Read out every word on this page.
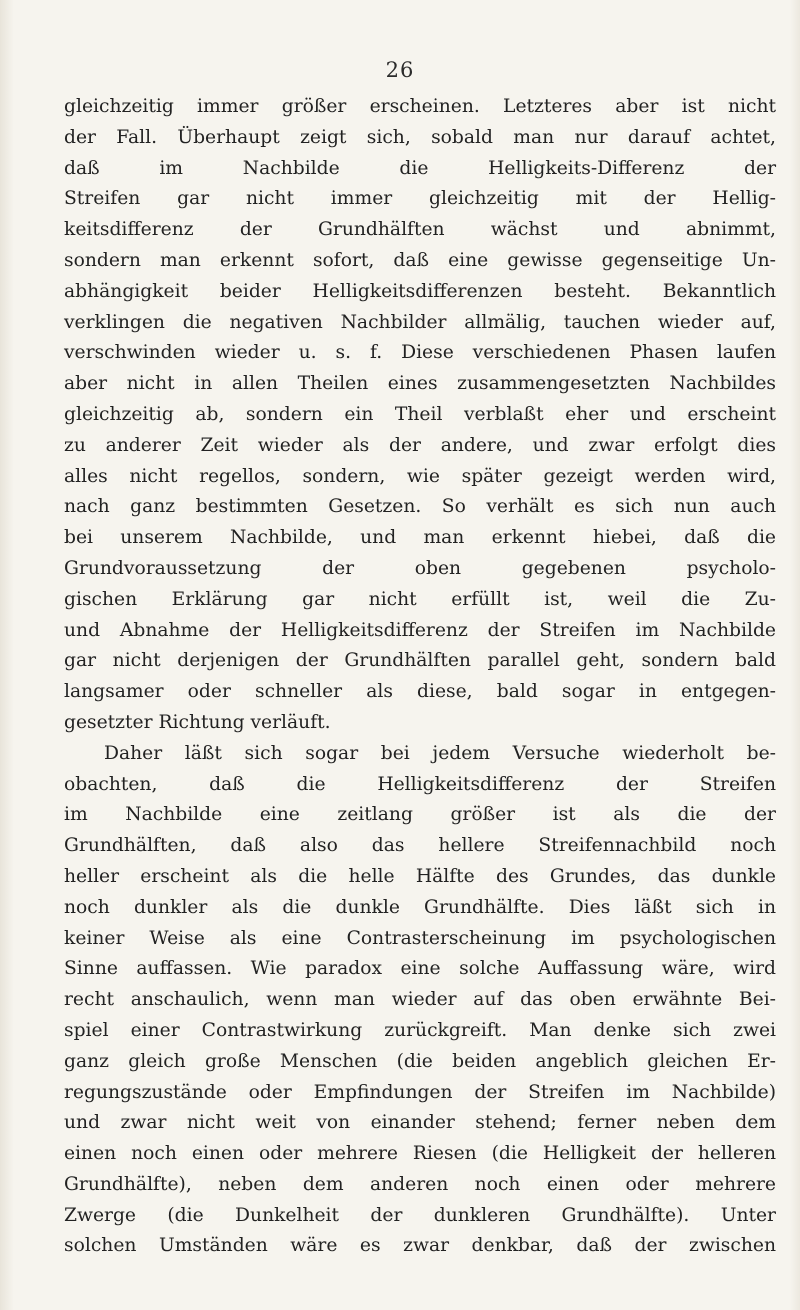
26
gleichzeitig immer größer erscheinen. Letzteres aber ist nicht
der Fall. Überhaupt zeigt sich, sobald man nur darauf achtet,
daß im Nachbilde die Helligkeits-Differenz der
Streifen gar nicht immer gleichzeitig mit der Hellig-
keitsdifferenz der Grundhälften wächst und abnimmt,
sondern man erkennt sofort, daß eine gewisse gegenseitige Un-
abhängigkeit beider Helligkeitsdifferenzen besteht. Bekanntlich
verklingen die negativen Nachbilder allmälig, tauchen wieder auf,
verschwinden wieder u. s. f. Diese verschiedenen Phasen laufen
aber nicht in allen Theilen eines zusammengesetzten Nachbildes
gleichzeitig ab, sondern ein Theil verblaßt eher und erscheint
zu anderer Zeit wieder als der andere, und zwar erfolgt dies
alles nicht regellos, sondern, wie später gezeigt werden wird,
nach ganz bestimmten Gesetzen. So verhält es sich nun auch
bei unserem Nachbilde, und man erkennt hiebei, daß die
Grundvoraussetzung der oben gegebenen psycholo-
gischen Erklärung gar nicht erfüllt ist, weil die Zu-
und Abnahme der Helligkeitsdifferenz der Streifen im Nachbilde
gar nicht derjenigen der Grundhälften parallel geht, sondern bald
langsamer oder schneller als diese, bald sogar in entgegen-
gesetzter Richtung verläuft.
Daher läßt sich sogar bei jedem Versuche wiederholt be-
obachten, daß die Helligkeitsdifferenz der Streifen
im Nachbilde eine zeitlang größer ist als die der
Grundhälften, daß also das hellere Streifennachbild noch
heller erscheint als die helle Hälfte des Grundes, das dunkle
noch dunkler als die dunkle Grundhälfte. Dies läßt sich in
keiner Weise als eine Contrasterscheinung im psychologischen
Sinne auffassen. Wie paradox eine solche Auffassung wäre, wird
recht anschaulich, wenn man wieder auf das oben erwähnte Bei-
spiel einer Contrastwirkung zurückgreift. Man denke sich zwei
ganz gleich große Menschen (die beiden angeblich gleichen Er-
regungszustände oder Empfindungen der Streifen im Nachbilde)
und zwar nicht weit von einander stehend; ferner neben dem
einen noch einen oder mehrere Riesen (die Helligkeit der helleren
Grundhälfte), neben dem anderen noch einen oder mehrere
Zwerge (die Dunkelheit der dunkleren Grundhälfte). Unter
solchen Umständen wäre es zwar denkbar, daß der zwischen
